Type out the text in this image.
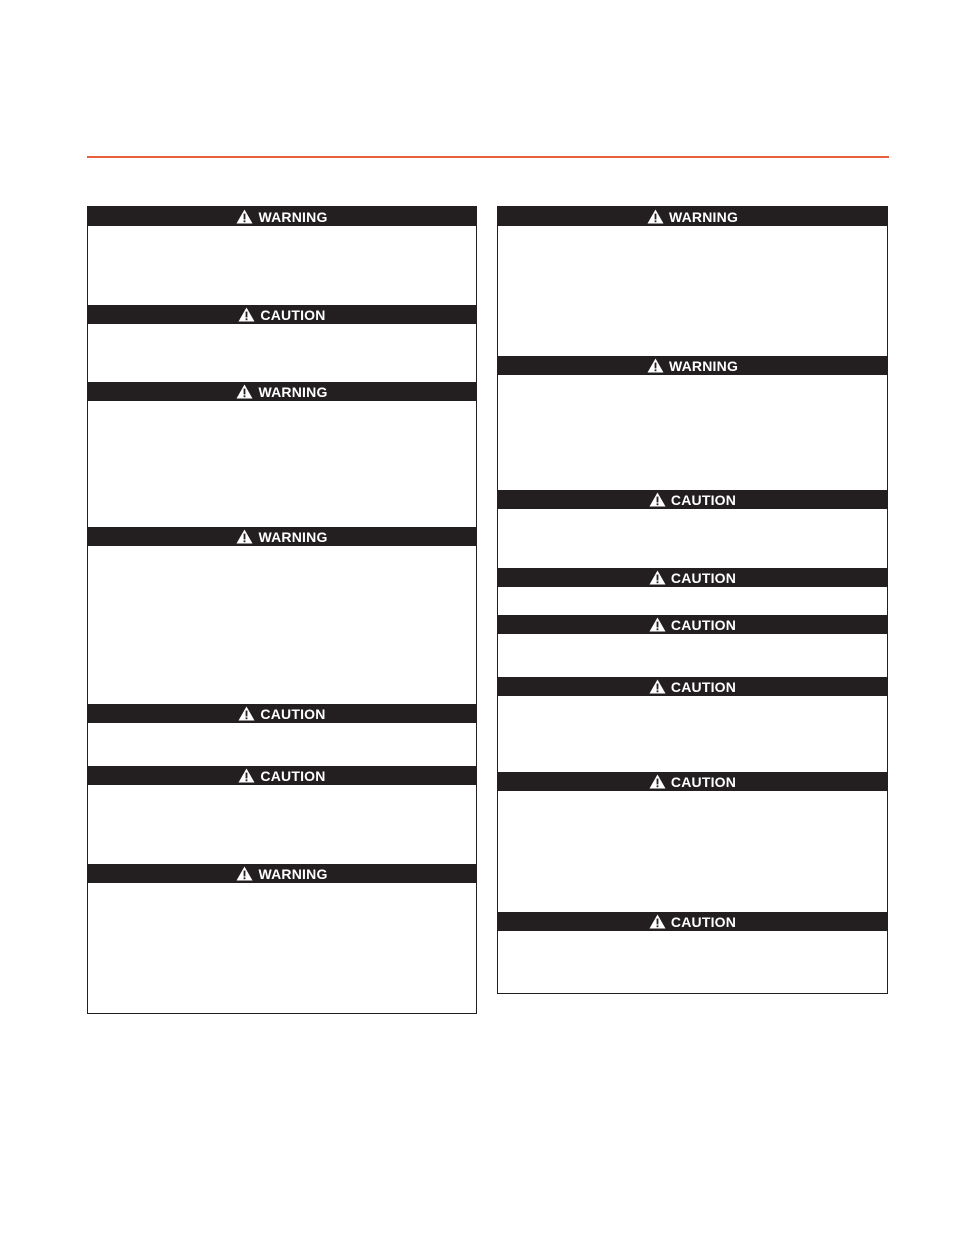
WARNING
CAUTION
WARNING
WARNING
CAUTION
CAUTION
WARNING
WARNING
WARNING
CAUTION
CAUTION
CAUTION
CAUTION
CAUTION
CAUTION
